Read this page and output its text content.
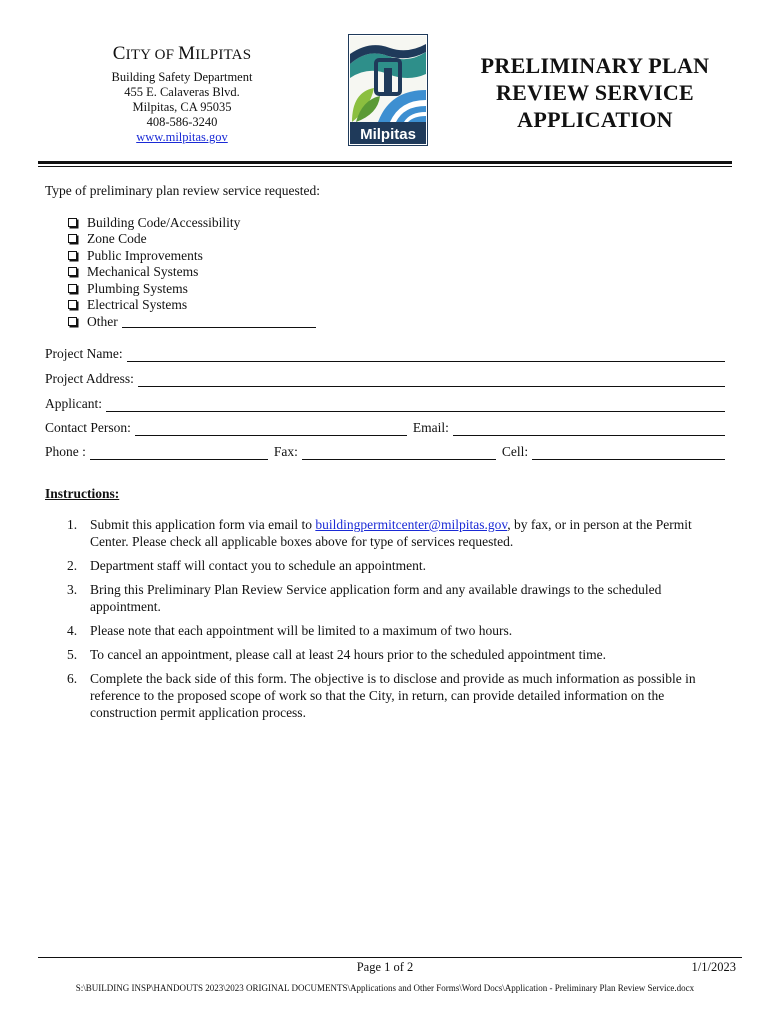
CITY OF MILPITAS
Building Safety Department
455 E. Calaveras Blvd.
Milpitas, CA 95035
408-586-3240
www.milpitas.gov	Milpitas
PRELIMINARY PLAN
REVIEW SERVICE
APPLICATION
Type of preliminary plan review service requested:
Building Code/Accessibility
Zone Code
Public Improvements
Mechanical Systems
Plumbing Systems
Electrical Systems
Other
Project Name:
Project Address:
Applicant:
Contact Person:	Email:
Phone :	Fax:	Cell:
Instructions:
1. Submit this application form via email to buildingpermitcenter@milpitas.gov, by fax, or in person at the Permit Center. Please check all applicable boxes above for type of services requested.
2. Department staff will contact you to schedule an appointment.
3. Bring this Preliminary Plan Review Service application form and any available drawings to the scheduled appointment.
4. Please note that each appointment will be limited to a maximum of two hours.
5. To cancel an appointment, please call at least 24 hours prior to the scheduled appointment time.
6. Complete the back side of this form. The objective is to disclose and provide as much information as possible in reference to the proposed scope of work so that the City, in return, can provide detailed information on the construction permit application process.
Page 1 of 2	1/1/2023
S:\BUILDING INSP\HANDOUTS 2023\2023 ORIGINAL DOCUMENTS\Applications and Other Forms\Word Docs\Application - Preliminary Plan Review Service.docx
